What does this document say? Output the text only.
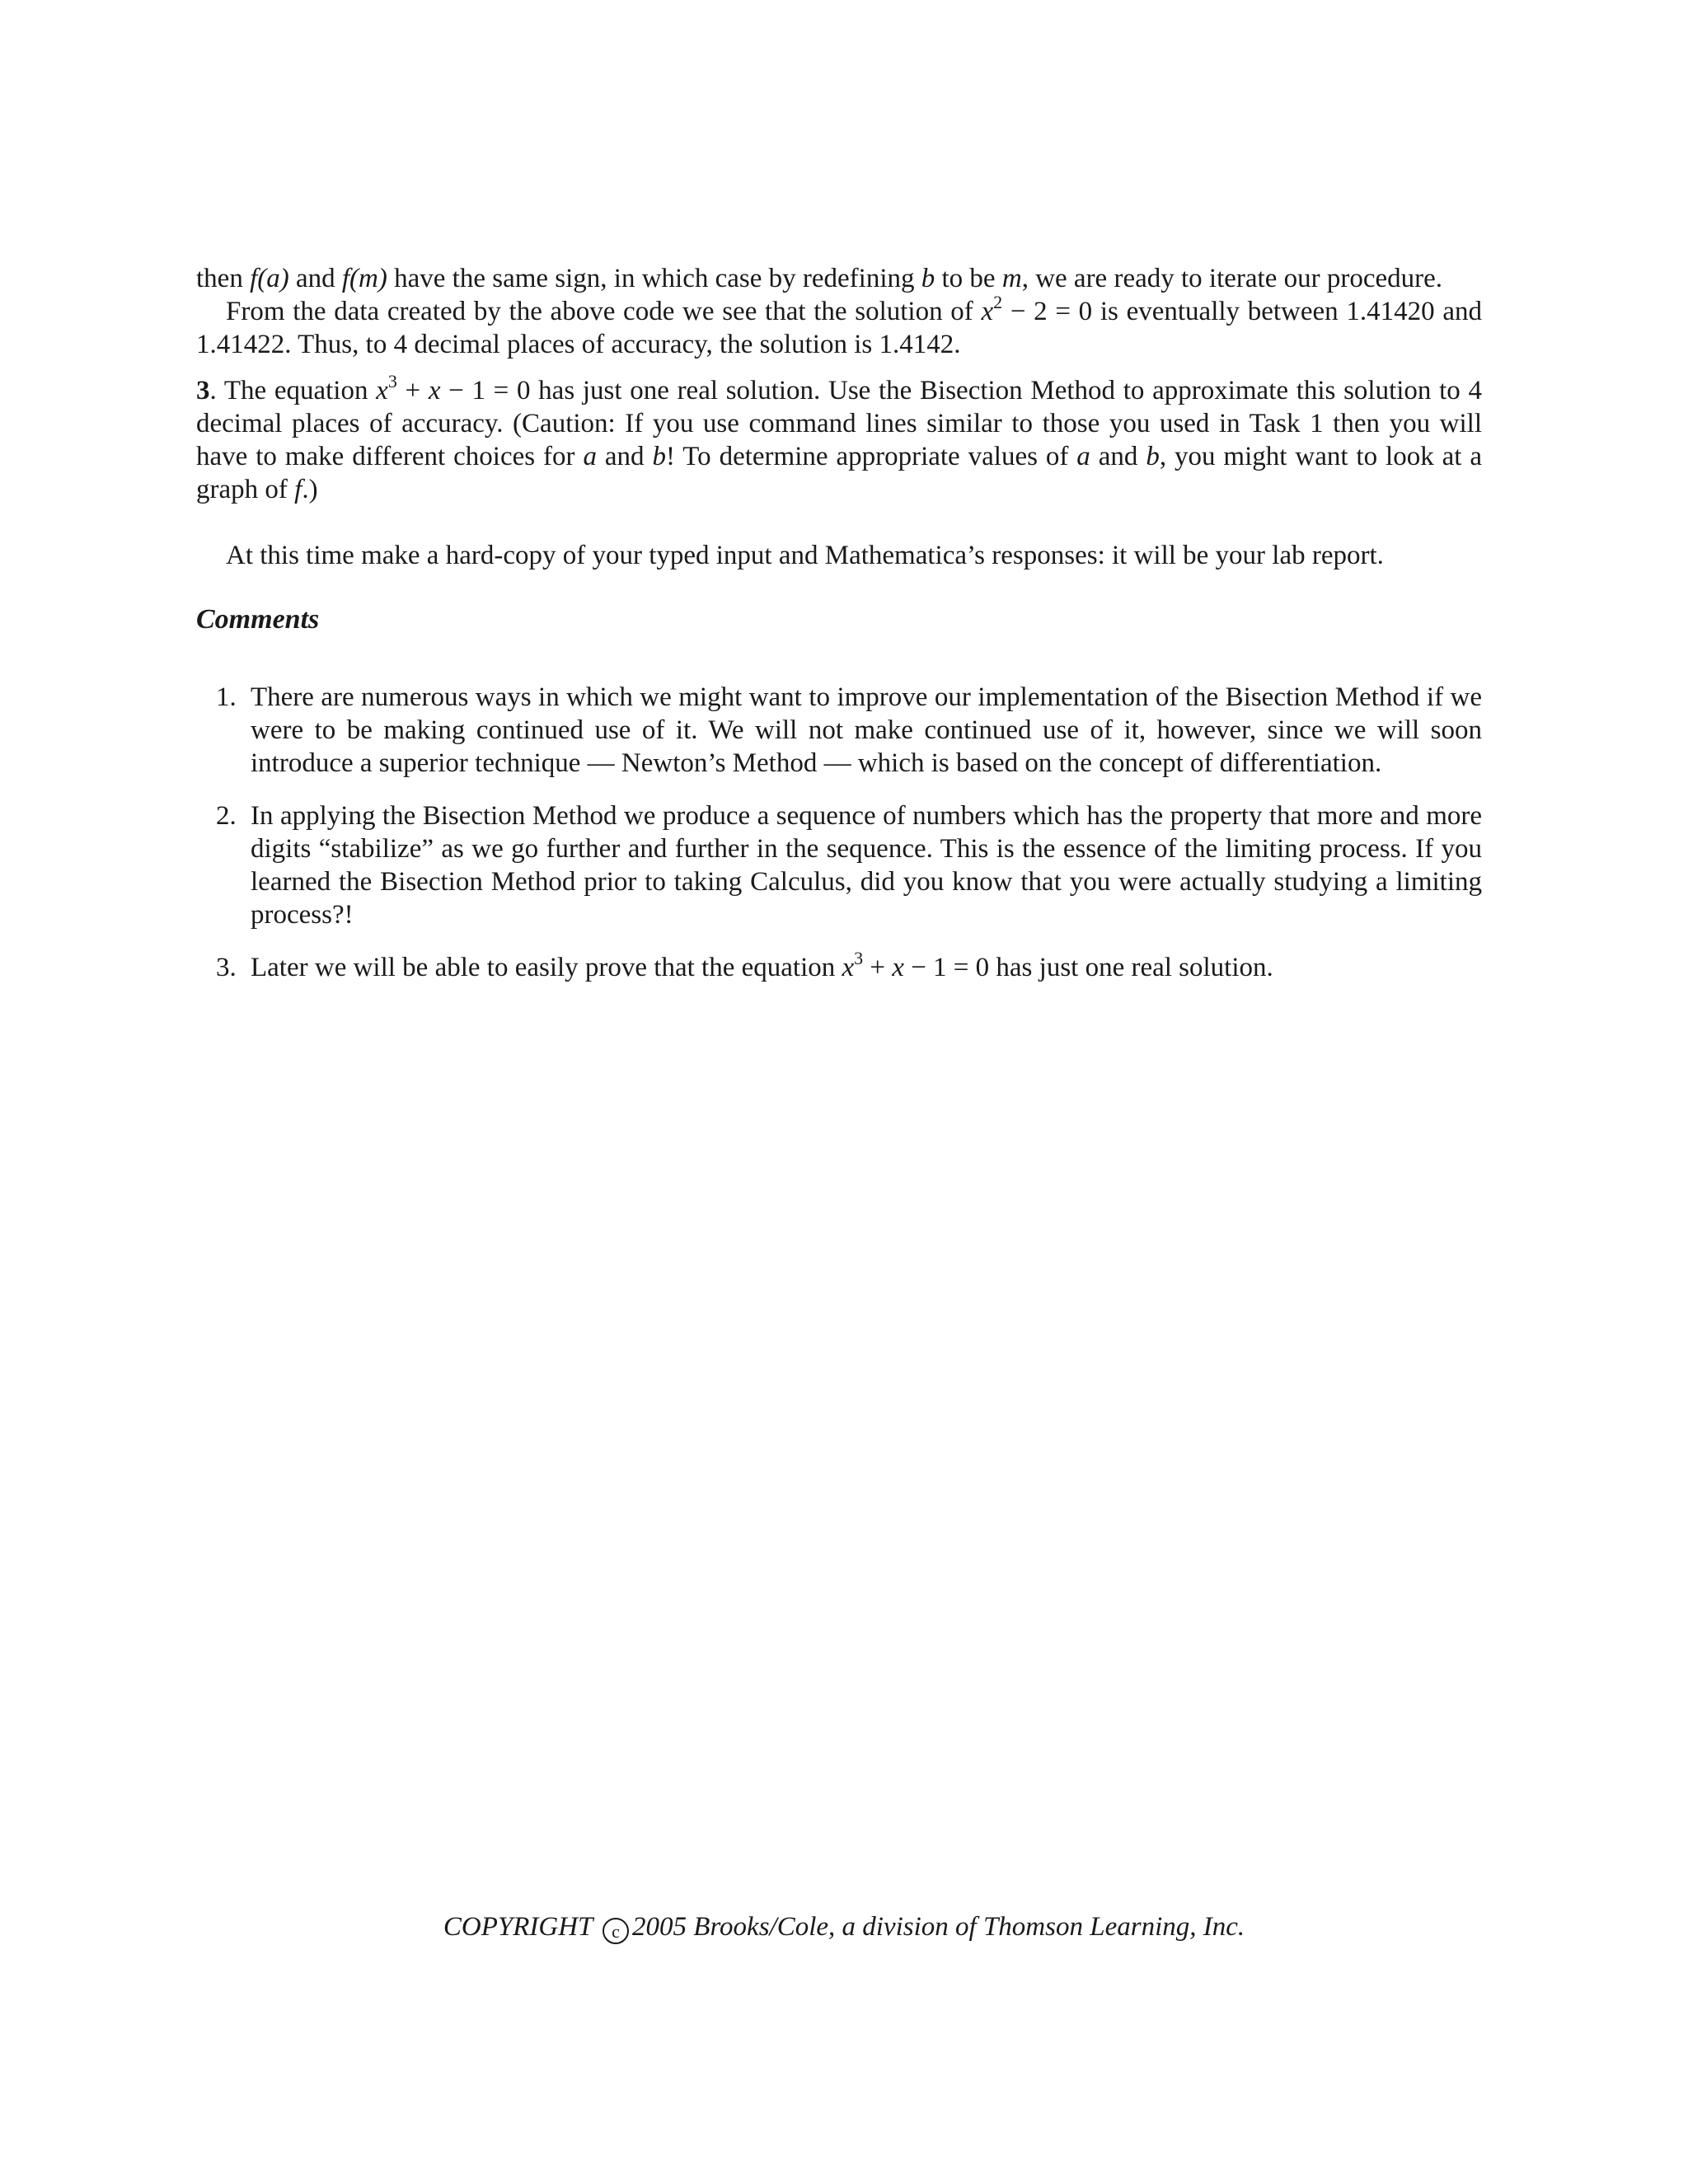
then f(a) and f(m) have the same sign, in which case by redefining b to be m, we are ready to iterate our procedure.

From the data created by the above code we see that the solution of $x^2 - 2 = 0$ is eventually between 1.41420 and 1.41422. Thus, to 4 decimal places of accuracy, the solution is 1.4142.

3. The equation $x^3 + x - 1 = 0$ has just one real solution. Use the Bisection Method to approximate this solution to 4 decimal places of accuracy. (Caution: If you use command lines similar to those you used in Task 1 then you will have to make different choices for a and b! To determine appropriate values of a and b, you might want to look at a graph of f.)

At this time make a hard-copy of your typed input and Mathematica’s responses: it will be your lab report.

Comments

1. There are numerous ways in which we might want to improve our implementation of the Bisection Method if we were to be making continued use of it. We will not make continued use of it, however, since we will soon introduce a superior technique — Newton’s Method — which is based on the concept of differentiation.
2. In applying the Bisection Method we produce a sequence of numbers which has the property that more and more digits “stabilize” as we go further and further in the sequence. This is the essence of the limiting process. If you learned the Bisection Method prior to taking Calculus, did you know that you were actually studying a limiting process?!
3. Later we will be able to easily prove that the equation $x^3 + x - 1 = 0$ has just one real solution.
COPYRIGHT c 2005 Brooks/Cole, a division of Thomson Learning, Inc.
